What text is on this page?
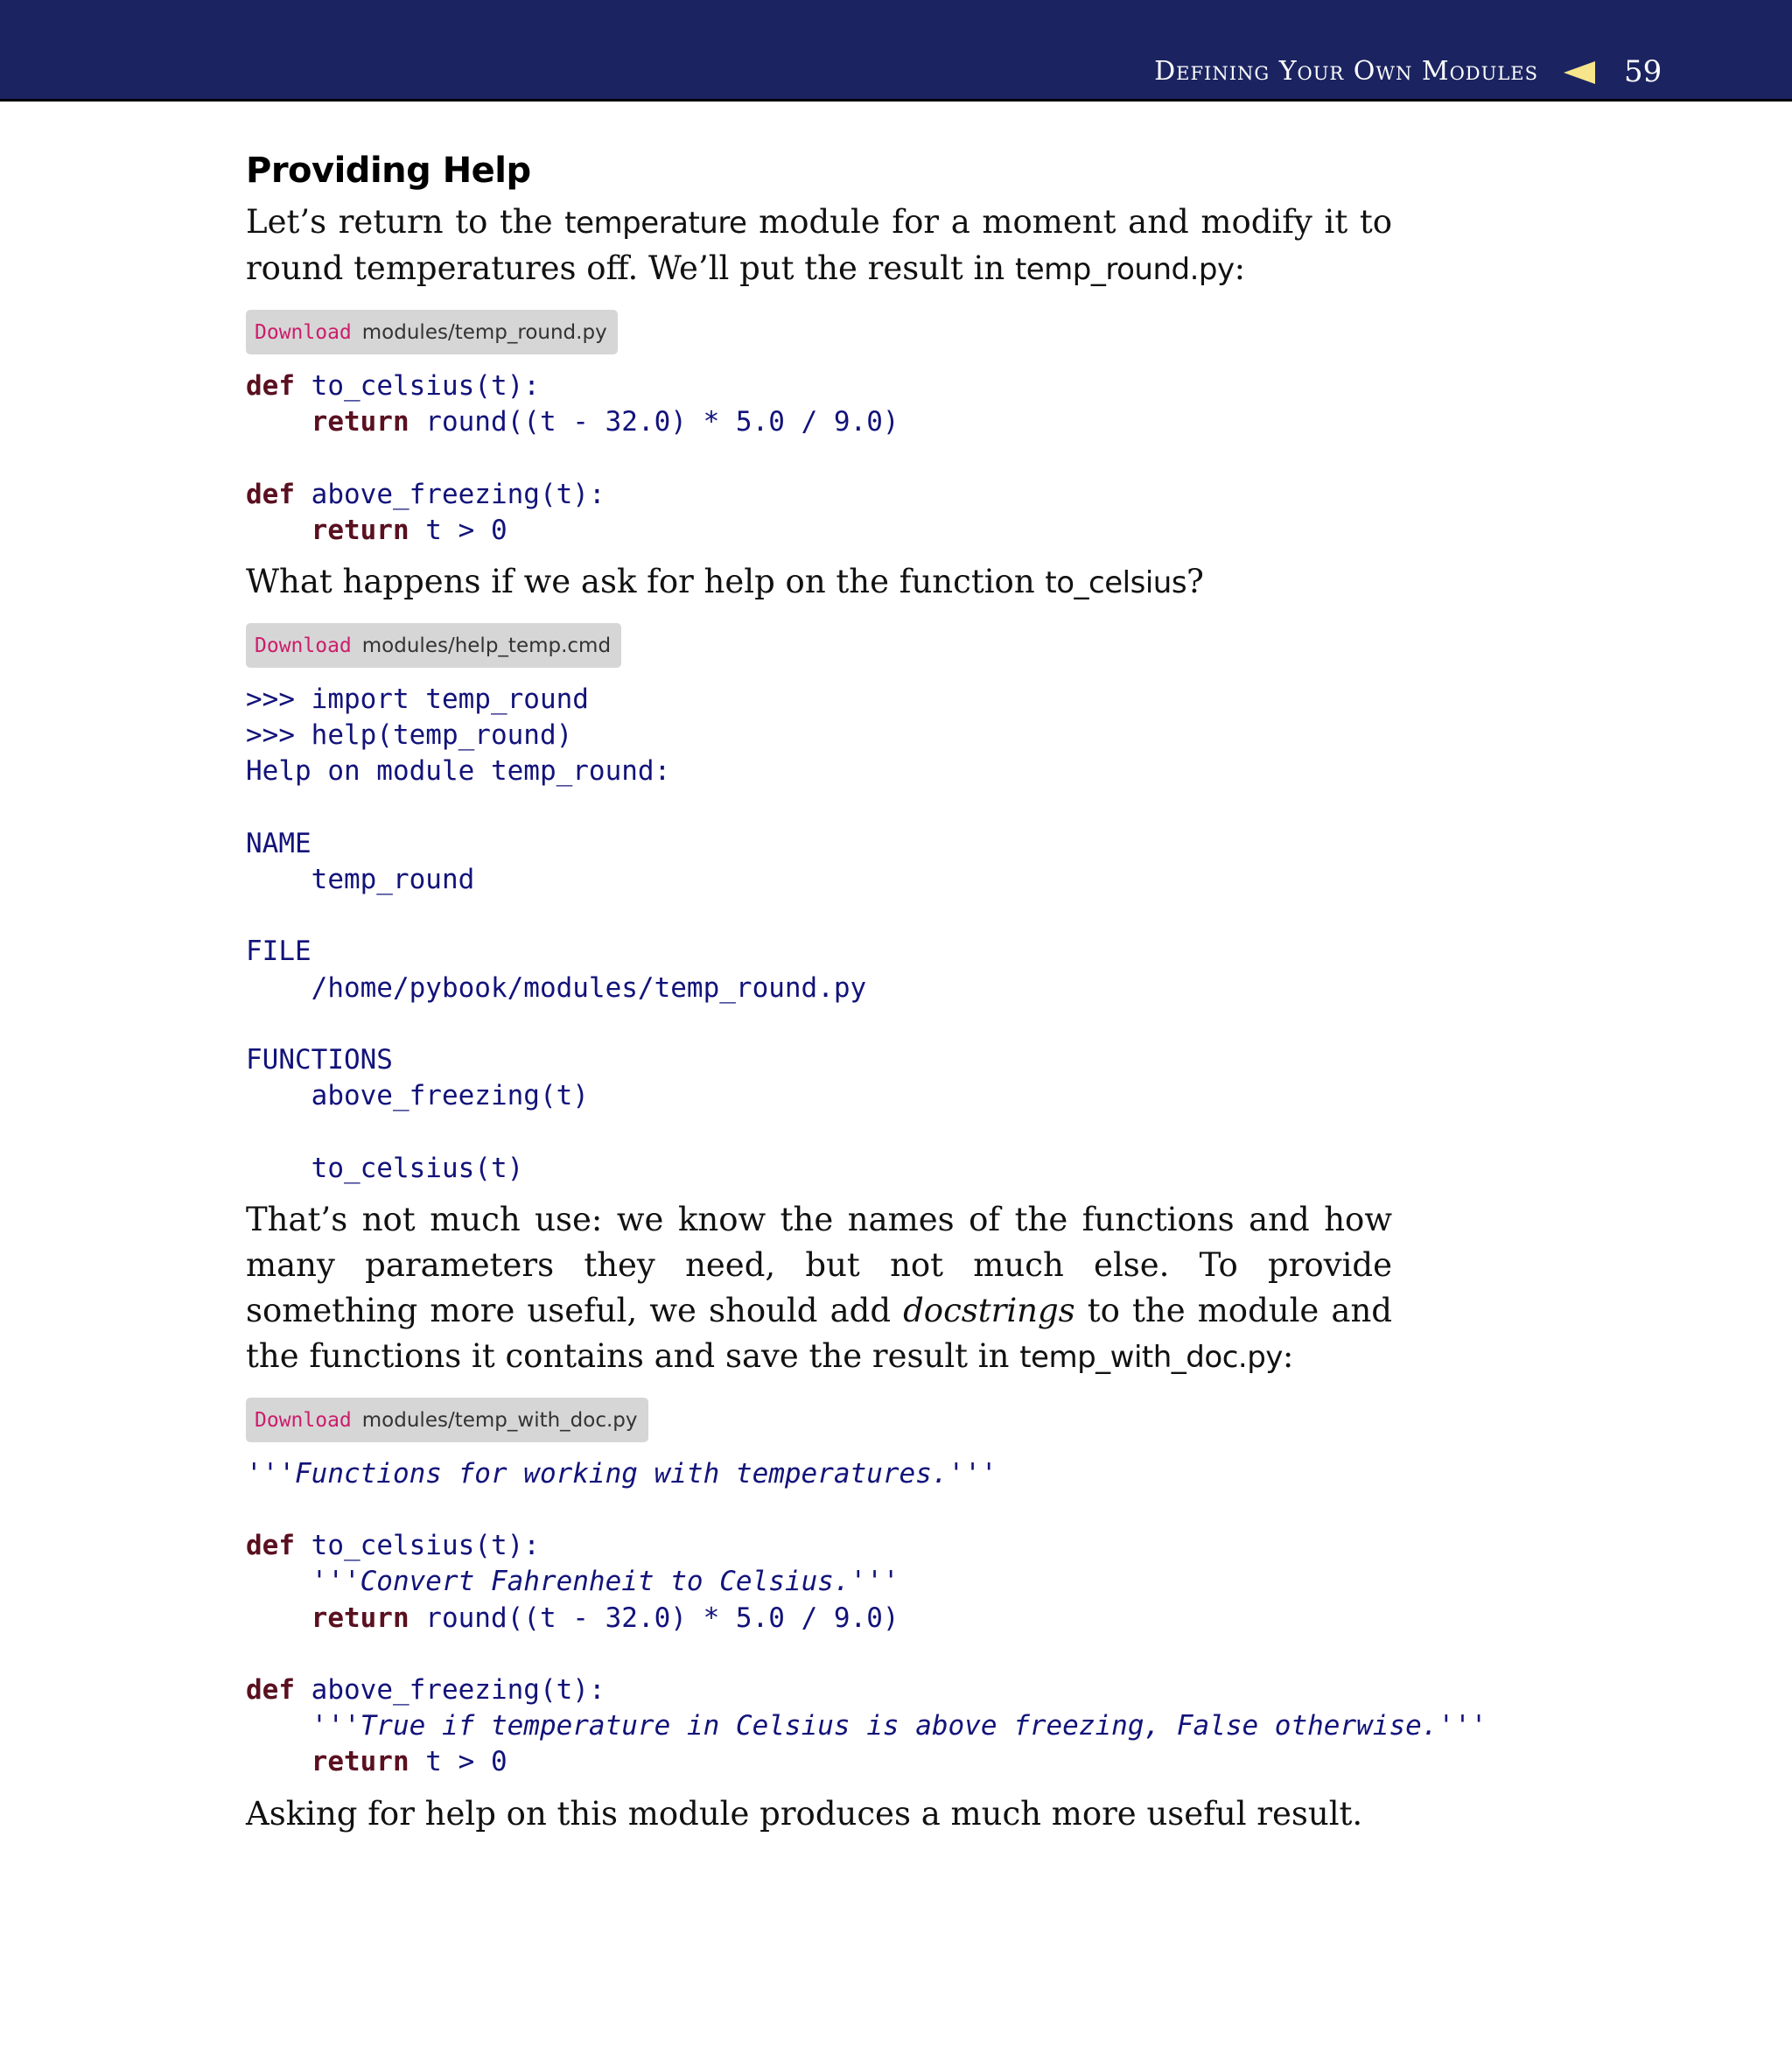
Defining Your Own Modules	59
Providing Help

Let’s return to the temperature module for a moment and modify it to round temperatures off. We’ll put the result in temp_round.py:

Download modules/temp_round.py
def to_celsius(t):
return round((t - 32.0) * 5.0 / 9.0)

def above_freezing(t):
return t > 0

What happens if we ask for help on the function to_celsius?

Download modules/help_temp.cmd
>>> import temp_round
>>> help(temp_round)
Help on module temp_round:

NAME
temp_round

FILE
/home/pybook/modules/temp_round.py

FUNCTIONS
above_freezing(t)

to_celsius(t)

That’s not much use: we know the names of the functions and how many parameters they need, but not much else. To provide something more useful, we should add docstrings to the module and the functions it contains and save the result in temp_with_doc.py:

Download modules/temp_with_doc.py
'''Functions for working with temperatures.'''

def to_celsius(t):
'''Convert Fahrenheit to Celsius.'''
return round((t - 32.0) * 5.0 / 9.0)

def above_freezing(t):
'''True if temperature in Celsius is above freezing, False otherwise.'''
return t > 0

Asking for help on this module produces a much more useful result.
